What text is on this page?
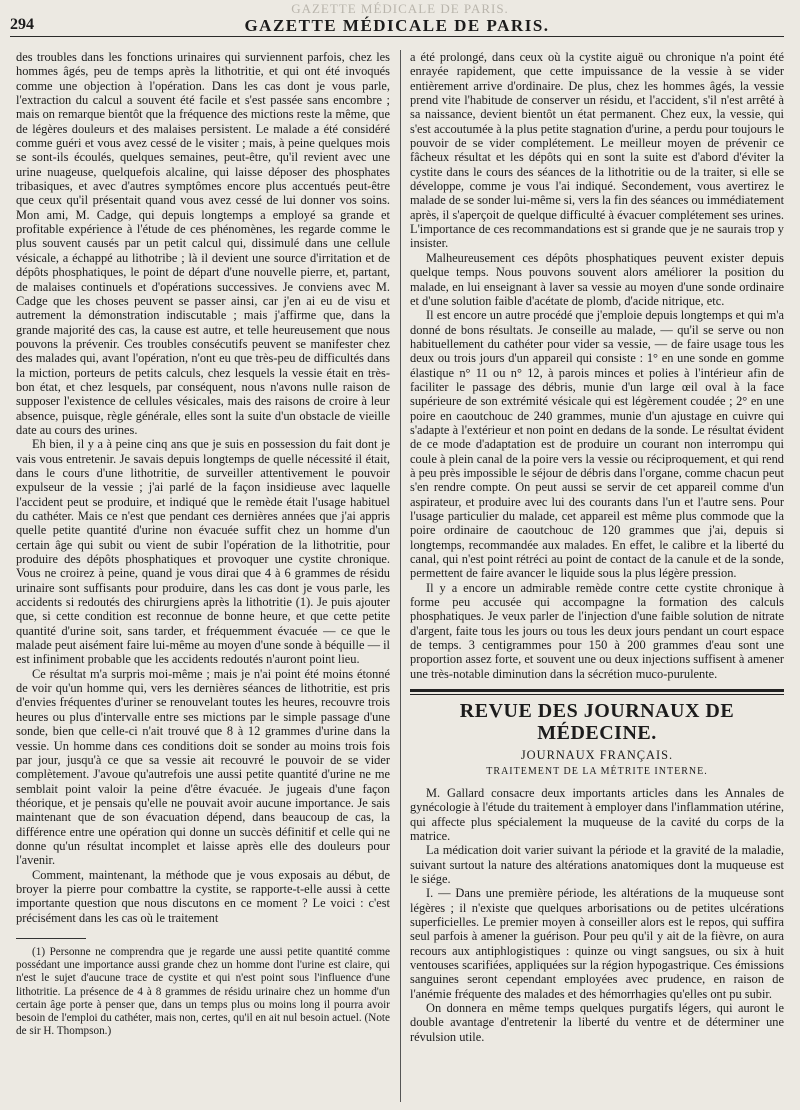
GAZETTE MÉDICALE DE PARIS.
294	GAZETTE MÉDICALE DE PARIS.

des troubles dans les fonctions urinaires qui surviennent parfois, chez les hommes âgés, peu de temps après la lithotritie, et qui ont été invoqués comme une objection à l'opération. Dans les cas dont je vous parle, l'extraction du calcul a souvent été facile et s'est passée sans encombre ; mais on remarque bientôt que la fréquence des mictions reste la même, que de légères douleurs et des malaises persistent. Le malade a été considéré comme guéri et vous avez cessé de le visiter ; mais, à peine quelques mois se sont-ils écoulés, quelques semaines, peut-être, qu'il revient avec une urine nuageuse, quelquefois alcaline, qui laisse déposer des phosphates tribasiques, et avec d'autres symptômes encore plus accentués peut-être que ceux qu'il présentait quand vous avez cessé de lui donner vos soins. Mon ami, M. Cadge, qui depuis longtemps a employé sa grande et profitable expérience à l'étude de ces phénomènes, les regarde comme le plus souvent causés par un petit calcul qui, dissimulé dans une cellule vésicale, a échappé au lithotribe ; là il devient une source d'irritation et de dépôts phosphatiques, le point de départ d'une nouvelle pierre, et, partant, de malaises continuels et d'opérations successives. Je conviens avec M. Cadge que les choses peuvent se passer ainsi, car j'en ai eu de visu et autrement la démonstration indiscutable ; mais j'affirme que, dans la grande majorité des cas, la cause est autre, et telle heureusement que nous pouvons la prévenir. Ces troubles consécutifs peuvent se manifester chez des malades qui, avant l'opération, n'ont eu que très-peu de difficultés dans la miction, porteurs de petits calculs, chez lesquels la vessie était en très-bon état, et chez lesquels, par conséquent, nous n'avons nulle raison de supposer l'existence de cellules vésicales, mais des raisons de croire à leur absence, puisque, règle générale, elles sont la suite d'un obstacle de vieille date au cours des urines.

Eh bien, il y a à peine cinq ans que je suis en possession du fait dont je vais vous entretenir. Je savais depuis longtemps de quelle nécessité il était, dans le cours d'une lithotritie, de surveiller attentivement le pouvoir expulseur de la vessie ; j'ai parlé de la façon insidieuse avec laquelle l'accident peut se produire, et indiqué que le remède était l'usage habituel du cathéter. Mais ce n'est que pendant ces dernières années que j'ai appris quelle petite quantité d'urine non évacuée suffit chez un homme d'un certain âge qui subit ou vient de subir l'opération de la lithotritie, pour produire des dépôts phosphatiques et provoquer une cystite chronique. Vous ne croirez à peine, quand je vous dirai que 4 à 6 grammes de résidu urinaire sont suffisants pour produire, dans les cas dont je vous parle, les accidents si redoutés des chirurgiens après la lithotritie (1). Je puis ajouter que, si cette condition est reconnue de bonne heure, et que cette petite quantité d'urine soit, sans tarder, et fréquemment évacuée — ce que le malade peut aisément faire lui-même au moyen d'une sonde à béquille — il est infiniment probable que les accidents redoutés n'auront point lieu.

Ce résultat m'a surpris moi-même ; mais je n'ai point été moins étonné de voir qu'un homme qui, vers les dernières séances de lithotritie, est pris d'envies fréquentes d'uriner se renouvelant toutes les heures, recouvre trois heures ou plus d'intervalle entre ses mictions par le simple passage d'une sonde, bien que celle-ci n'ait trouvé que 8 à 12 grammes d'urine dans la vessie. Un homme dans ces conditions doit se sonder au moins trois fois par jour, jusqu'à ce que sa vessie ait recouvré le pouvoir de se vider complètement. J'avoue qu'autrefois une aussi petite quantité d'urine ne me semblait point valoir la peine d'être évacuée. Je jugeais d'une façon théorique, et je pensais qu'elle ne pouvait avoir aucune importance. Je sais maintenant que de son évacuation dépend, dans beaucoup de cas, la différence entre une opération qui donne un succès définitif et celle qui ne donne qu'un résultat incomplet et laisse après elle des douleurs pour l'avenir.

Comment, maintenant, la méthode que je vous exposais au début, de broyer la pierre pour combattre la cystite, se rapporte-t-elle aussi à cette importante question que nous discutons en ce moment ? Le voici : c'est précisément dans les cas où le traitement

(1) Personne ne comprendra que je regarde une aussi petite quantité comme possédant une importance aussi grande chez un homme dont l'urine est claire, qui n'est le sujet d'aucune trace de cystite et qui n'est point sous l'influence d'une lithotritie. La présence de 4 à 8 grammes de résidu urinaire chez un homme d'un certain âge porte à penser que, dans un temps plus ou moins long il pourra avoir besoin de l'emploi du cathéter, mais non, certes, qu'il en ait nul besoin actuel. (Note de sir H. Thompson.)

a été prolongé, dans ceux où la cystite aiguë ou chronique n'a point été enrayée rapidement, que cette impuissance de la vessie à se vider entièrement arrive d'ordinaire. De plus, chez les hommes âgés, la vessie prend vite l'habitude de conserver un résidu, et l'accident, s'il n'est arrêté à sa naissance, devient bientôt un état permanent. Chez eux, la vessie, qui s'est accoutumée à la plus petite stagnation d'urine, a perdu pour toujours le pouvoir de se vider complétement. Le meilleur moyen de prévenir ce fâcheux résultat et les dépôts qui en sont la suite est d'abord d'éviter la cystite dans le cours des séances de la lithotritie ou de la traiter, si elle se développe, comme je vous l'ai indiqué. Secondement, vous avertirez le malade de se sonder lui-même si, vers la fin des séances ou immédiatement après, il s'aperçoit de quelque difficulté à évacuer complétement ses urines. L'importance de ces recommandations est si grande que je ne saurais trop y insister.

Malheureusement ces dépôts phosphatiques peuvent exister depuis quelque temps. Nous pouvons souvent alors améliorer la position du malade, en lui enseignant à laver sa vessie au moyen d'une sonde ordinaire et d'une solution faible d'acétate de plomb, d'acide nitrique, etc.

Il est encore un autre procédé que j'emploie depuis longtemps et qui m'a donné de bons résultats. Je conseille au malade, — qu'il se serve ou non habituellement du cathéter pour vider sa vessie, — de faire usage tous les deux ou trois jours d'un appareil qui consiste : 1° en une sonde en gomme élastique n° 11 ou n° 12, à parois minces et polies à l'intérieur afin de faciliter le passage des débris, munie d'un large œil oval à la face supérieure de son extrémité vésicale qui est légèrement coudée ; 2° en une poire en caoutchouc de 240 grammes, munie d'un ajustage en cuivre qui s'adapte à l'extérieur et non point en dedans de la sonde. Le résultat évident de ce mode d'adaptation est de produire un courant non interrompu qui coule à plein canal de la poire vers la vessie ou réciproquement, et qui rend à peu près impossible le séjour de débris dans l'organe, comme chacun peut s'en rendre compte. On peut aussi se servir de cet appareil comme d'un aspirateur, et produire avec lui des courants dans l'un et l'autre sens. Pour l'usage particulier du malade, cet appareil est même plus commode que la poire ordinaire de caoutchouc de 120 grammes que j'ai, depuis si longtemps, recommandée aux malades. En effet, le calibre et la liberté du canal, qui n'est point rétréci au point de contact de la canule et de la sonde, permettent de faire avancer le liquide sous la plus légère pression.

Il y a encore un admirable remède contre cette cystite chronique à forme peu accusée qui accompagne la formation des calculs phosphatiques. Je veux parler de l'injection d'une faible solution de nitrate d'argent, faite tous les jours ou tous les deux jours pendant un court espace de temps. 3 centigrammes pour 150 à 200 grammes d'eau sont une proportion assez forte, et souvent une ou deux injections suffisent à amener une très-notable diminution dans la sécrétion muco-purulente.

REVUE DES JOURNAUX DE MÉDECINE.
JOURNAUX FRANÇAIS.
TRAITEMENT DE LA MÉTRITE INTERNE.

M. Gallard consacre deux importants articles dans les Annales de gynécologie à l'étude du traitement à employer dans l'inflammation utérine, qui affecte plus spécialement la muqueuse de la cavité du corps de la matrice.

La médication doit varier suivant la période et la gravité de la maladie, suivant surtout la nature des altérations anatomiques dont la muqueuse est le siége.

I. — Dans une première période, les altérations de la muqueuse sont légères ; il n'existe que quelques arborisations ou de petites ulcérations superficielles. Le premier moyen à conseiller alors est le repos, qui suffira seul parfois à amener la guérison. Pour peu qu'il y ait de la fièvre, on aura recours aux antiphlogistiques : quinze ou vingt sangsues, ou six à huit ventouses scarifiées, appliquées sur la région hypogastrique. Ces émissions sanguines seront cependant employées avec prudence, en raison de l'anémie fréquente des malades et des hémorrhagies qu'elles ont pu subir.

On donnera en même temps quelques purgatifs légers, qui auront le double avantage d'entretenir la liberté du ventre et de déterminer une révulsion utile.
